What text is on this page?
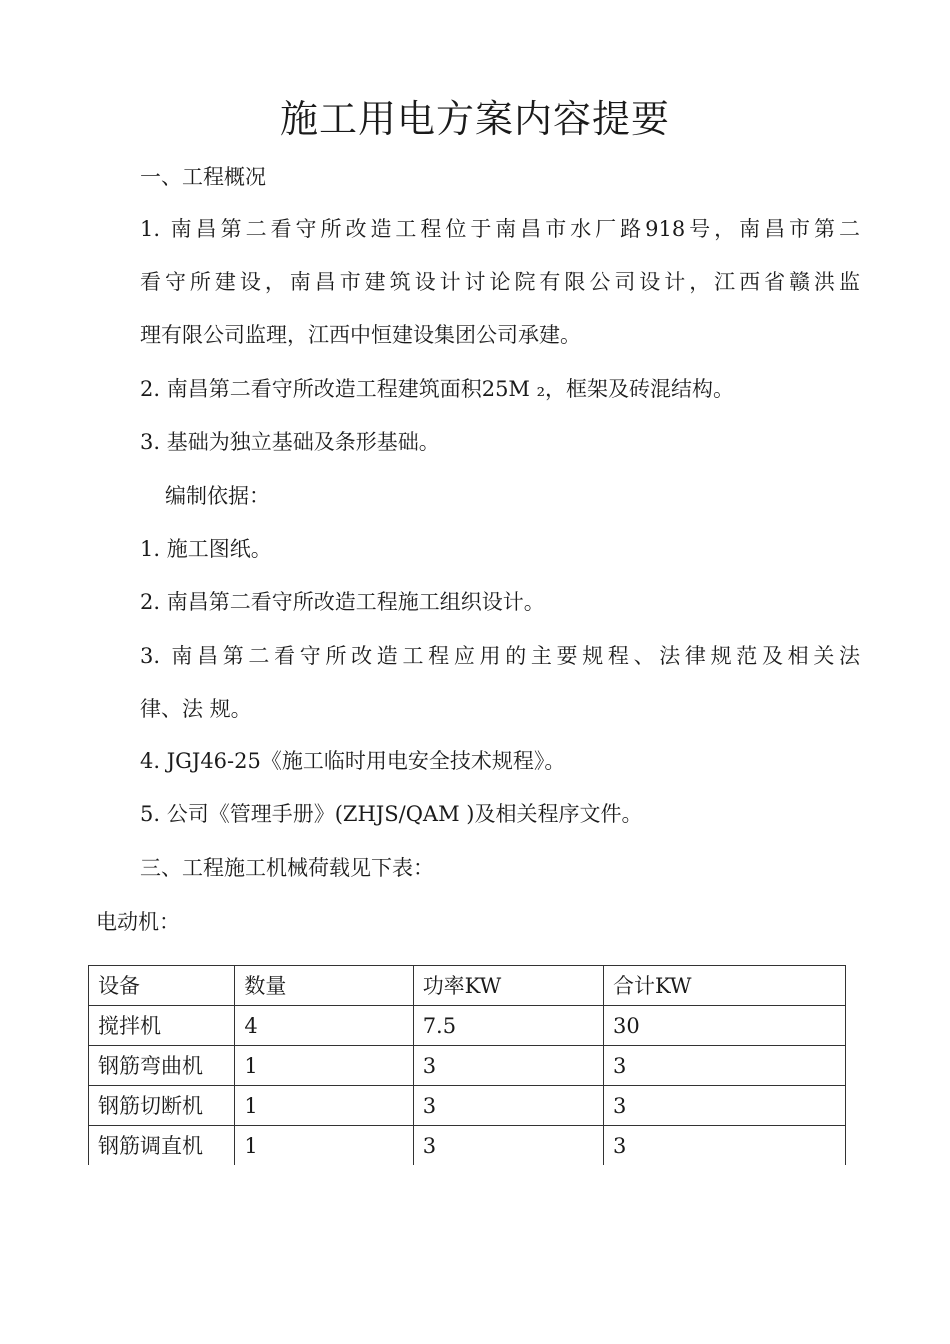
施工用电方案内容提要
一、工程概况
1. 南昌第二看守所改造工程位于南昌市水厂路918号，南昌市第二
看守所建设，南昌市建筑设计讨论院有限公司设计，江西省赣洪监
理有限公司监理，江西中恒建设集团公司承建。
2. 南昌第二看守所改造工程建筑面积25M ₂，框架及砖混结构。
3. 基础为独立基础及条形基础。
编制依据：
1. 施工图纸。
2. 南昌第二看守所改造工程施工组织设计。
3. 南昌第二看守所改造工程应用的主要规程、法律规范及相关法
律、法 规。
4. JGJ46-25《施工临时用电安全技术规程》。
5. 公司《管理手册》(ZHJS/QAM )及相关程序文件。
三、工程施工机械荷载见下表：
电动机：
设备	数量	功率KW	合计KW
搅拌机	4	7.5	30
钢筋弯曲机	1	3	3
钢筋切断机	1	3	3
钢筋调直机	1	3	3
